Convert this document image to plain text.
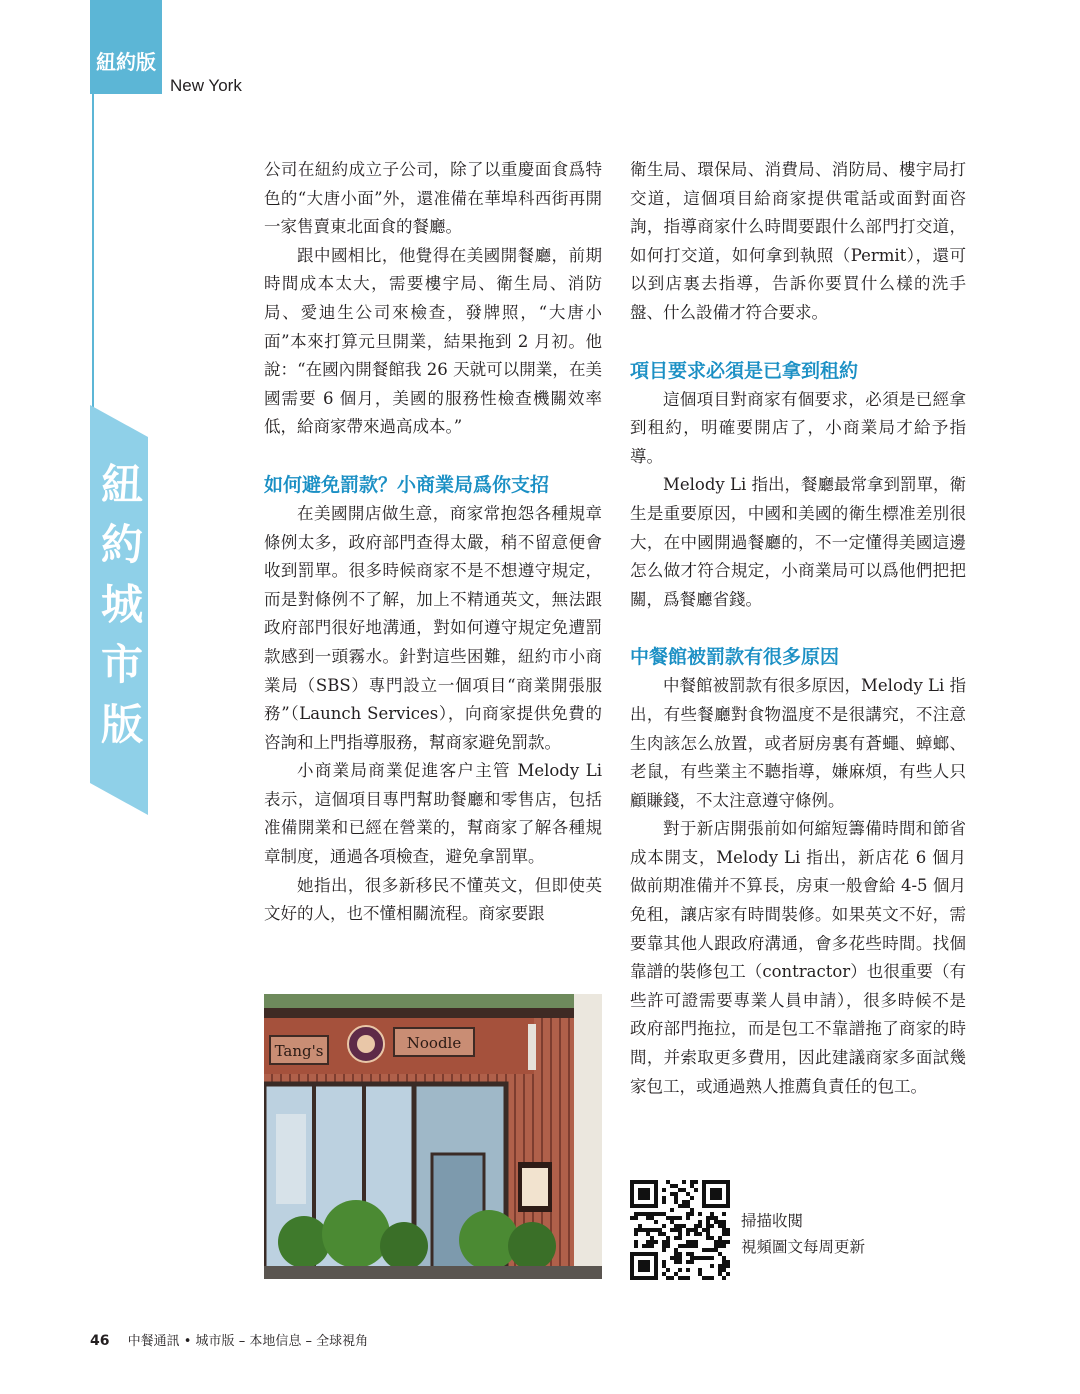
紐約版
New York
紐約城市版

公司在紐約成立子公司，除了以重慶面食爲特色的“大唐小面”外，還准備在華埠科西街再開一家售賣東北面食的餐廳。

跟中國相比，他覺得在美國開餐廳，前期時間成本太大，需要樓宇局、衛生局、消防局、愛迪生公司來檢查，發牌照，“大唐小面”本來打算元旦開業，結果拖到 2 月初。他說：“在國內開餐館我 26 天就可以開業，在美國需要 6 個月，美國的服務性檢查機關效率低，給商家帶來過高成本。”

如何避免罰款？小商業局爲你支招

在美國開店做生意，商家常抱怨各種規章條例太多，政府部門查得太嚴，稍不留意便會收到罰單。很多時候商家不是不想遵守規定，而是對條例不了解，加上不精通英文，無法跟政府部門很好地溝通，對如何遵守規定免遭罰款感到一頭霧水。針對這些困難，紐約市小商業局（SBS）專門設立一個項目“商業開張服務”（Launch Services），向商家提供免費的咨詢和上門指導服務，幫商家避免罰款。

小商業局商業促進客户主管 Melody Li 表示，這個項目專門幫助餐廳和零售店，包括准備開業和已經在營業的，幫商家了解各種規章制度，通過各項檢查，避免拿罰單。

她指出，很多新移民不懂英文，但即使英文好的人，也不懂相關流程。商家要跟

衛生局、環保局、消費局、消防局、樓宇局打交道，這個項目給商家提供電話或面對面咨詢，指導商家什么時間要跟什么部門打交道，如何打交道，如何拿到執照（Permit），還可以到店裏去指導，告訴你要買什么樣的洗手盤、什么設備才符合要求。

項目要求必須是已拿到租約

這個項目對商家有個要求，必須是已經拿到租約，明確要開店了，小商業局才給予指導。

Melody Li 指出，餐廳最常拿到罰單，衛生是重要原因，中國和美國的衛生標准差別很大，在中國開過餐廳的，不一定懂得美國這邊怎么做才符合規定，小商業局可以爲他們把把關，爲餐廳省錢。

中餐館被罰款有很多原因

中餐館被罰款有很多原因，Melody Li 指出，有些餐廳對食物溫度不是很講究，不注意生肉該怎么放置，或者厨房裏有蒼蠅、蟑螂、老鼠，有些業主不聽指導，嫌麻煩，有些人只顧賺錢，不太注意遵守條例。

對于新店開張前如何縮短籌備時間和節省成本開支，Melody Li 指出，新店花 6 個月做前期准備并不算長，房東一般會給 4-5 個月免租，讓店家有時間裝修。如果英文不好，需要靠其他人跟政府溝通，會多花些時間。找個靠譜的裝修包工（contractor）也很重要（有些許可證需要專業人員申請），很多時候不是政府部門拖拉，而是包工不靠譜拖了商家的時間，并索取更多費用，因此建議商家多面試幾家包工，或通過熟人推薦負責任的包工。

Tang's	Noodle
掃描收閱
視頻圖文每周更新
46 中餐通訊 • 城市版 – 本地信息 – 全球視角
